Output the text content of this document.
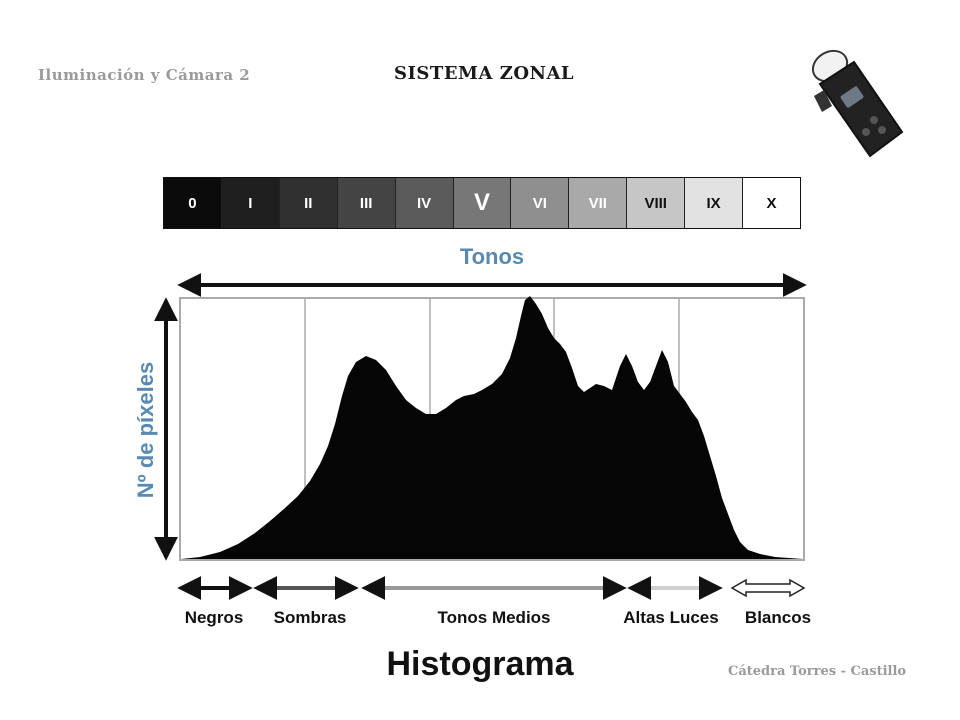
Iluminación y Cámara 2	SISTEMA ZONAL
0	I	II	III	IV	V	VI	VII	VIII	IX	X
Tonos
Nº de píxeles
Negros Sombras	Tonos Medios	Altas Luces Blancos
Histograma	Cátedra Torres - Castillo
